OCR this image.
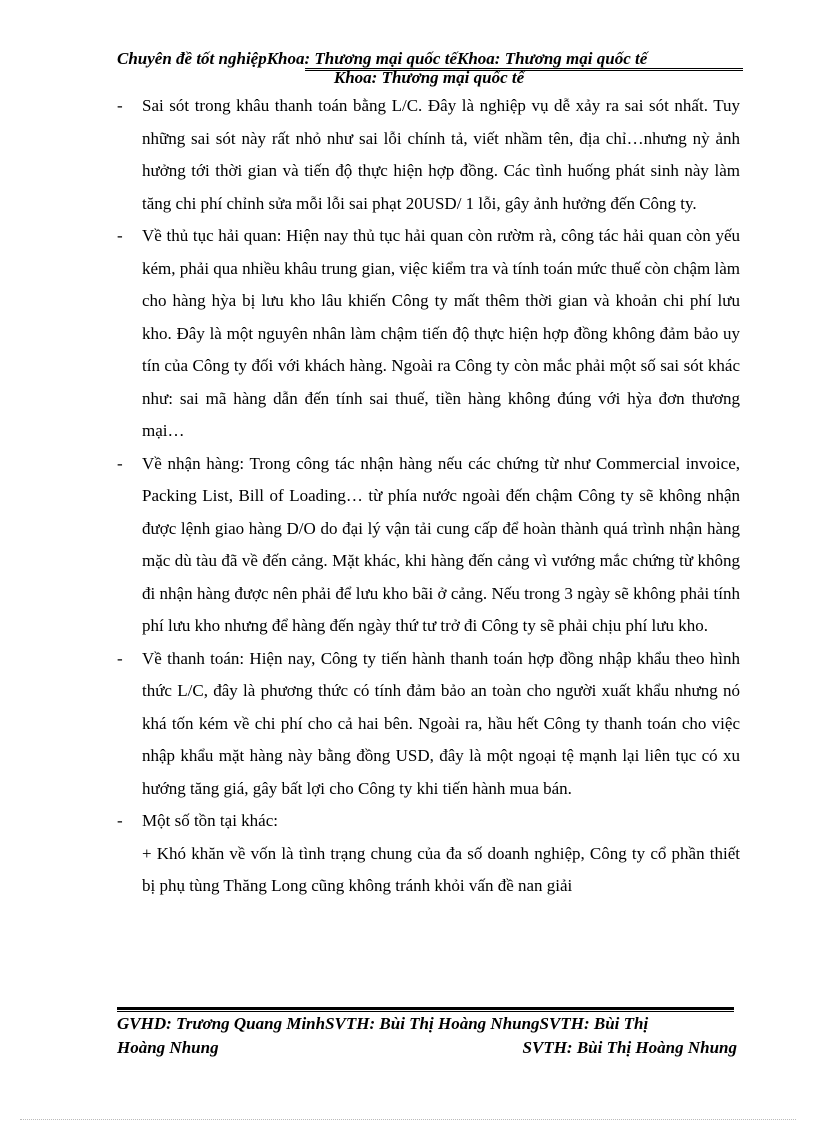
Chuyên đề tốt nghiệpKhoa: Thương mại quốc tếKhoa: Thương mại quốc tế
Khoa: Thương mại quốc tế
- Sai sót trong khâu thanh toán bằng L/C. Đây là nghiệp vụ dễ xảy ra sai sót nhất. Tuy những sai sót này rất nhỏ như sai lỗi chính tả, viết nhầm tên, địa chỉ…nhưng nỳ ảnh hưởng tới thời gian và tiến độ thực hiện hợp đồng. Các tình huống phát sinh này làm tăng chi phí chỉnh sửa mỗi lỗi sai phạt 20USD/ 1 lỗi, gây ảnh hưởng đến Công ty.
- Về thủ tục hải quan: Hiện nay thủ tục hải quan còn rườm rà, công tác hải quan còn yếu kém, phải qua nhiều khâu trung gian, việc kiểm tra và tính toán mức thuế còn chậm làm cho hàng hỳa bị lưu kho lâu khiến Công ty mất thêm thời gian và khoản chi phí lưu kho. Đây là một nguyên nhân làm chậm tiến độ thực hiện hợp đồng không đảm bảo uy tín của Công ty đối với khách hàng. Ngoài ra Công ty còn mắc phải một số sai sót khác như: sai mã hàng dẫn đến tính sai thuế, tiền hàng không đúng với hỳa đơn thương mại…
- Về nhận hàng: Trong công tác nhận hàng nếu các chứng từ như Commercial invoice, Packing List, Bill of Loading… từ phía nước ngoài đến chậm Công ty sẽ không nhận được lệnh giao hàng D/O do đại lý vận tải cung cấp để hoàn thành quá trình nhận hàng mặc dù tàu đã về đến cảng. Mặt khác, khi hàng đến cảng vì vướng mắc chứng từ không đi nhận hàng được nên phải để lưu kho bãi ở cảng. Nếu trong 3 ngày sẽ không phải tính phí lưu kho nhưng để hàng đến ngày thứ tư trở đi Công ty sẽ phải chịu phí lưu kho.
- Về thanh toán: Hiện nay, Công ty tiến hành thanh toán hợp đồng nhập khẩu theo hình thức L/C, đây là phương thức có tính đảm bảo an toàn cho người xuất khẩu nhưng nó khá tốn kém về chi phí cho cả hai bên. Ngoài ra, hầu hết Công ty thanh toán cho việc nhập khẩu mặt hàng này bằng đồng USD, đây là một ngoại tệ mạnh lại liên tục có xu hướng tăng giá, gây bất lợi cho Công ty khi tiến hành mua bán.
- Một số tồn tại khác:
+ Khó khăn về vốn là tình trạng chung của đa số doanh nghiệp, Công ty cổ phần thiết bị phụ tùng Thăng Long cũng không tránh khỏi vấn đề nan giải
GVHD: Trương Quang MinhSVTH: Bùi Thị Hoàng NhungSVTH: Bùi Thị
Hoàng Nhung	SVTH: Bùi Thị Hoàng Nhung
